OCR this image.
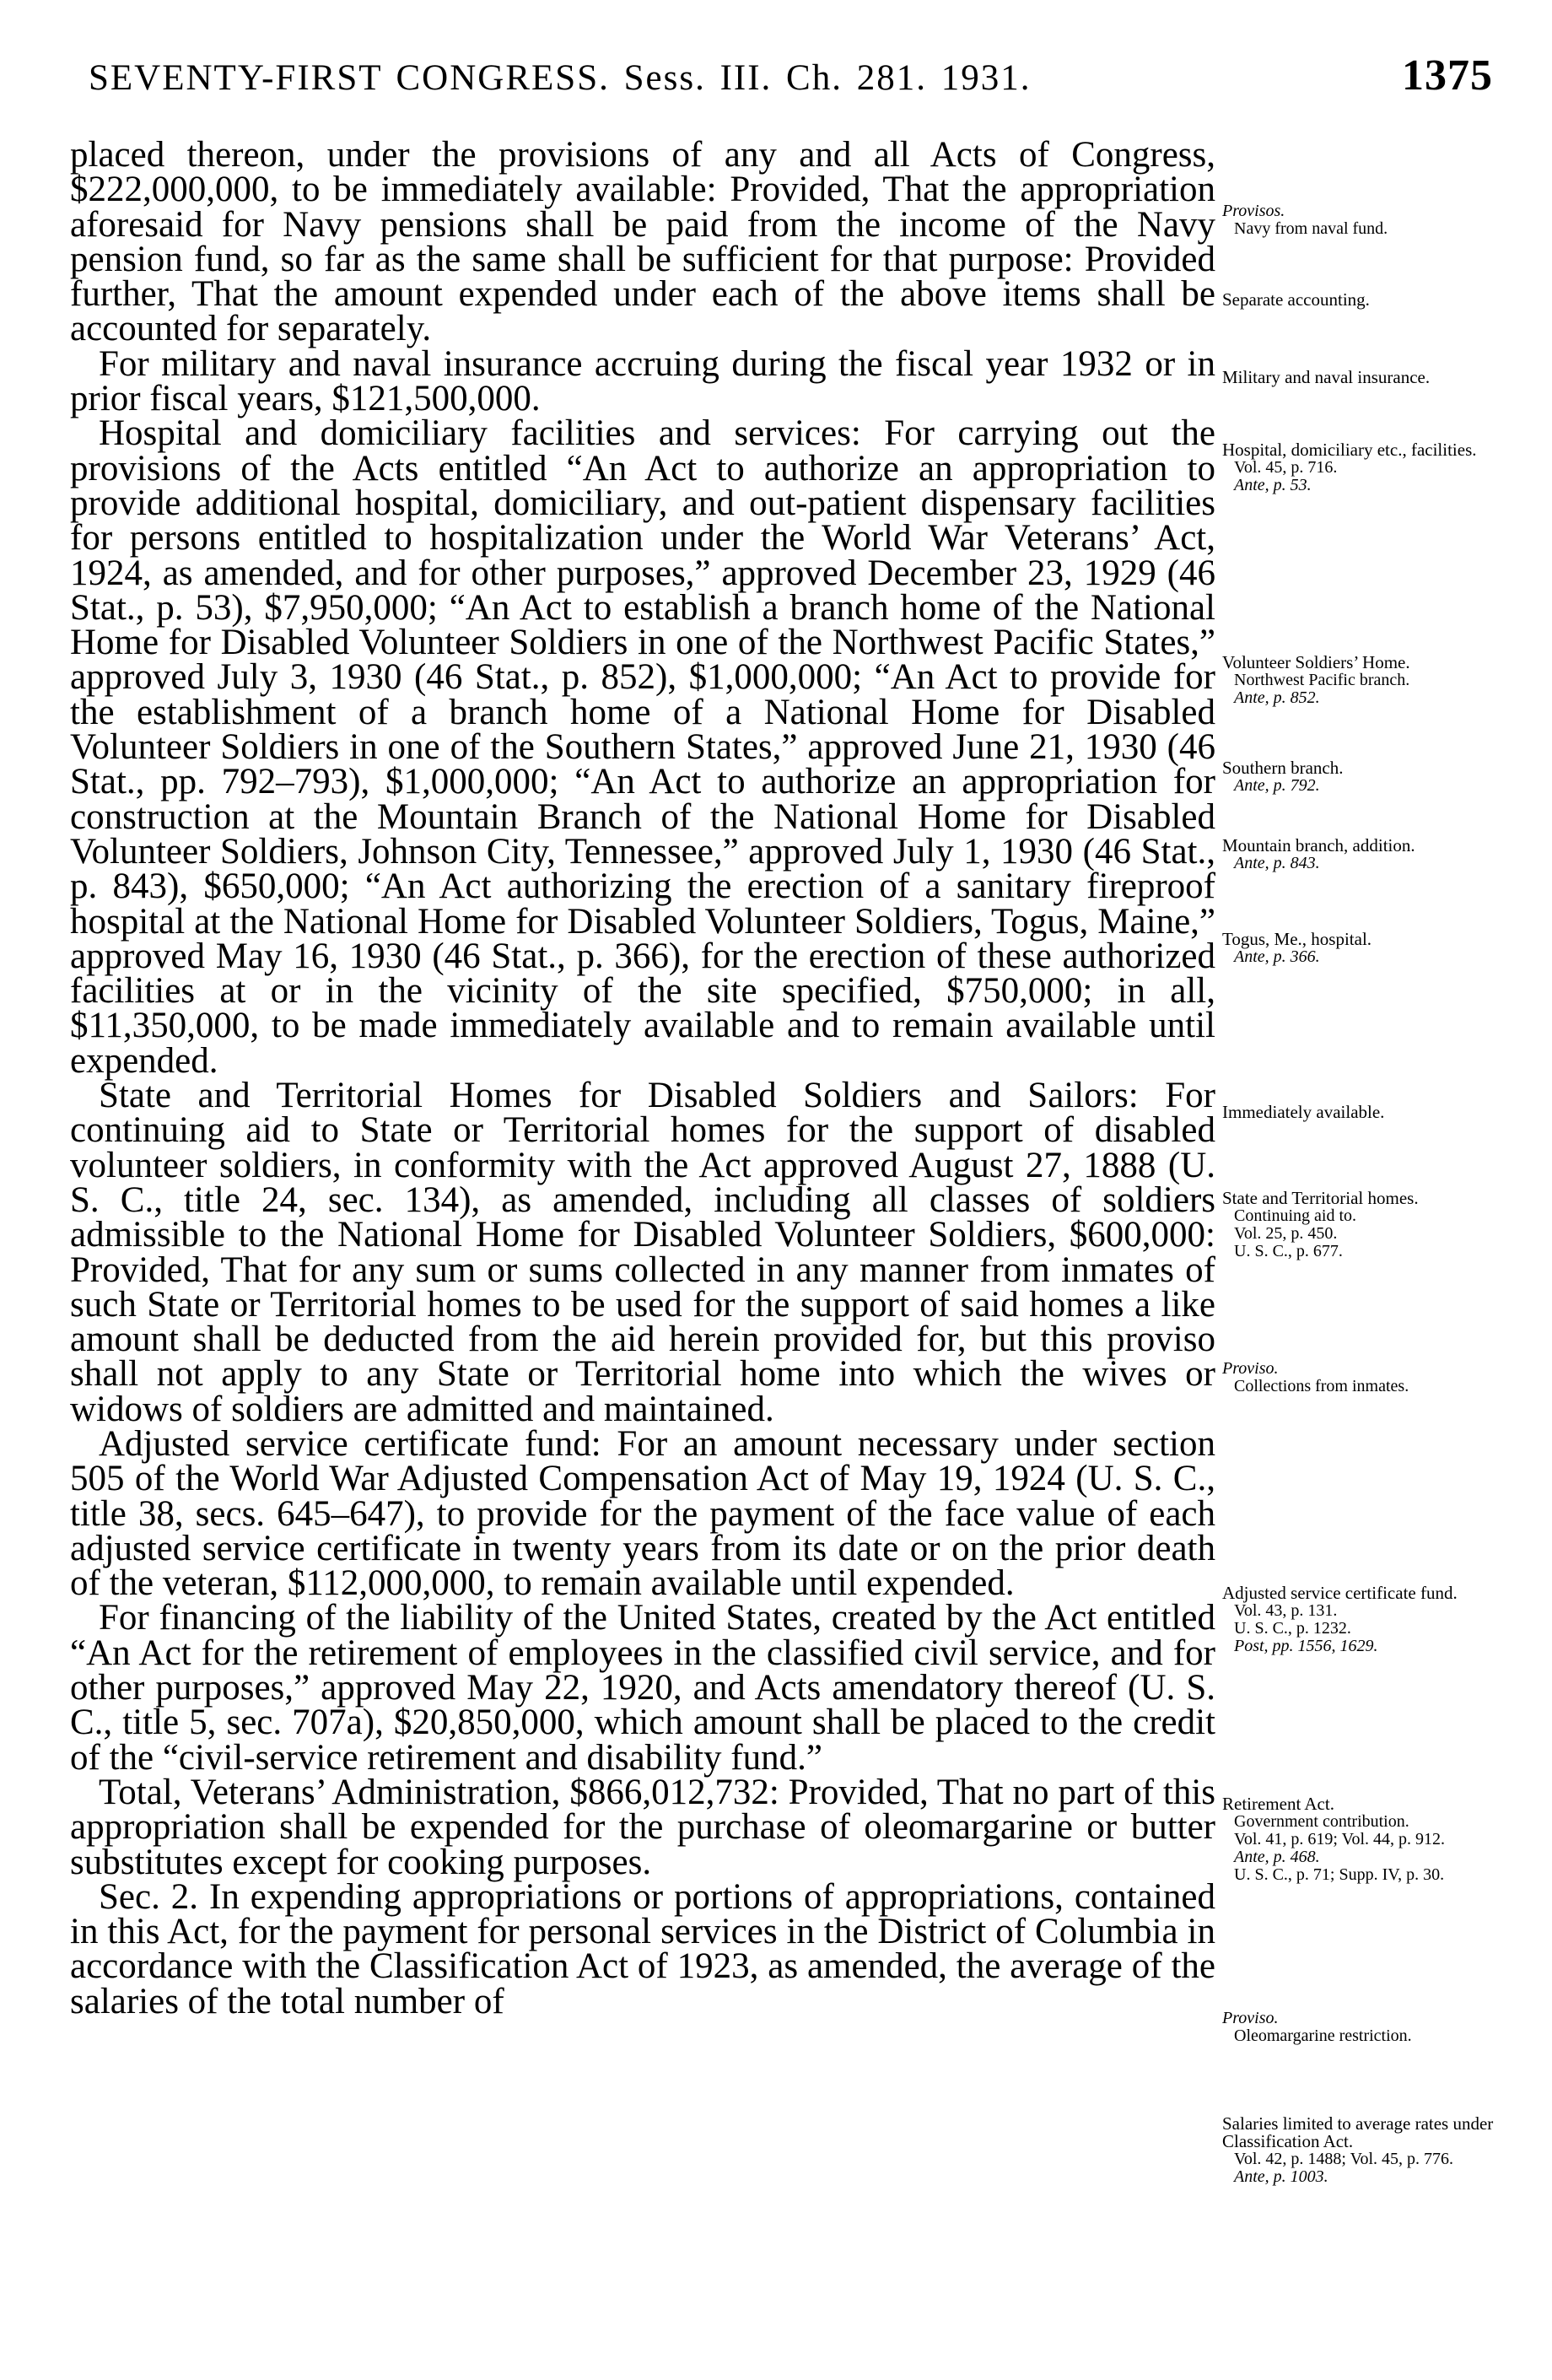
SEVENTY-FIRST CONGRESS. Sess. III. Ch. 281. 1931.	1375

placed thereon, under the provisions of any and all Acts of Congress, $222,000,000, to be immediately available: Provided, That the appropriation aforesaid for Navy pensions shall be paid from the income of the Navy pension fund, so far as the same shall be sufficient for that purpose: Provided further, That the amount expended under each of the above items shall be accounted for separately.

For military and naval insurance accruing during the fiscal year 1932 or in prior fiscal years, $121,500,000.

Hospital and domiciliary facilities and services: For carrying out the provisions of the Acts entitled “An Act to authorize an appropriation to provide additional hospital, domiciliary, and out-patient dispensary facilities for persons entitled to hospitalization under the World War Veterans’ Act, 1924, as amended, and for other purposes,” approved December 23, 1929 (46 Stat., p. 53), $7,950,000; “An Act to establish a branch home of the National Home for Disabled Volunteer Soldiers in one of the Northwest Pacific States,” approved July 3, 1930 (46 Stat., p. 852), $1,000,000; “An Act to provide for the establishment of a branch home of a National Home for Disabled Volunteer Soldiers in one of the Southern States,” approved June 21, 1930 (46 Stat., pp. 792–793), $1,000,000; “An Act to authorize an appropriation for construction at the Mountain Branch of the National Home for Disabled Volunteer Soldiers, Johnson City, Tennessee,” approved July 1, 1930 (46 Stat., p. 843), $650,000; “An Act authorizing the erection of a sanitary fireproof hospital at the National Home for Disabled Volunteer Soldiers, Togus, Maine,” approved May 16, 1930 (46 Stat., p. 366), for the erection of these authorized facilities at or in the vicinity of the site specified, $750,000; in all, $11,350,000, to be made immediately available and to remain available until expended.

State and Territorial Homes for Disabled Soldiers and Sailors: For continuing aid to State or Territorial homes for the support of disabled volunteer soldiers, in conformity with the Act approved August 27, 1888 (U. S. C., title 24, sec. 134), as amended, including all classes of soldiers admissible to the National Home for Disabled Volunteer Soldiers, $600,000: Provided, That for any sum or sums collected in any manner from inmates of such State or Territorial homes to be used for the support of said homes a like amount shall be deducted from the aid herein provided for, but this proviso shall not apply to any State or Territorial home into which the wives or widows of soldiers are admitted and maintained.

Adjusted service certificate fund: For an amount necessary under section 505 of the World War Adjusted Compensation Act of May 19, 1924 (U. S. C., title 38, secs. 645–647), to provide for the payment of the face value of each adjusted service certificate in twenty years from its date or on the prior death of the veteran, $112,000,000, to remain available until expended.

For financing of the liability of the United States, created by the Act entitled “An Act for the retirement of employees in the classified civil service, and for other purposes,” approved May 22, 1920, and Acts amendatory thereof (U. S. C., title 5, sec. 707a), $20,850,000, which amount shall be placed to the credit of the “civil-service retirement and disability fund.”

Total, Veterans’ Administration, $866,012,732: Provided, That no part of this appropriation shall be expended for the purchase of oleomargarine or butter substitutes except for cooking purposes.

Sec. 2. In expending appropriations or portions of appropriations, contained in this Act, for the payment for personal services in the District of Columbia in accordance with the Classification Act of 1923, as amended, the average of the salaries of the total number of

Provisos.
Navy from naval fund.
Separate accounting.
Military and naval insurance.
Hospital, domiciliary etc., facilities.
Vol. 45, p. 716.
Ante, p. 53.
Volunteer Soldiers’ Home.
Northwest Pacific branch.
Ante, p. 852.
Southern branch.
Ante, p. 792.
Mountain branch, addition.
Ante, p. 843.
Togus, Me., hospital.
Ante, p. 366.
Immediately available.
State and Territorial homes.
Continuing aid to.
Vol. 25, p. 450.
U. S. C., p. 677.
Proviso.
Collections from inmates.
Adjusted service certificate fund.
Vol. 43, p. 131.
U. S. C., p. 1232.
Post, pp. 1556, 1629.
Retirement Act.
Government contribution.
Vol. 41, p. 619; Vol. 44, p. 912.
Ante, p. 468.
U. S. C., p. 71; Supp. IV, p. 30.
Proviso.
Oleomargarine restriction.
Salaries limited to average rates under Classification Act.
Vol. 42, p. 1488; Vol. 45, p. 776.
Ante, p. 1003.
